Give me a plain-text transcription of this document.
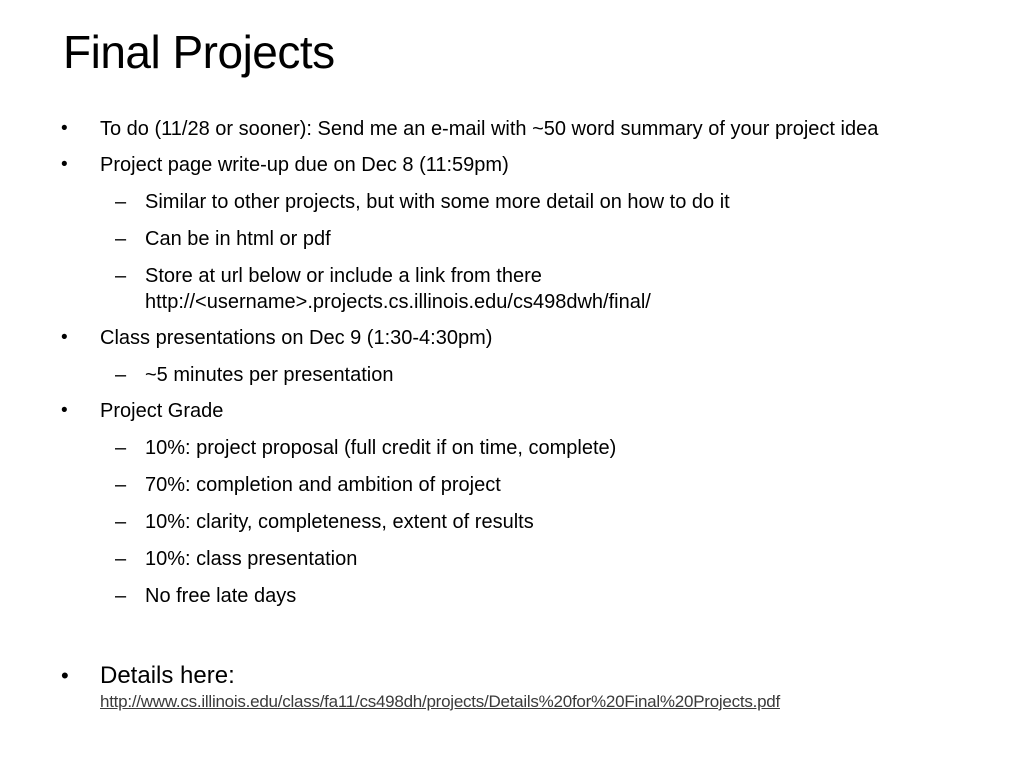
Final Projects
• To do (11/28 or sooner): Send me an e-mail with ~50 word summary of your project idea
• Project page write-up due on Dec 8 (11:59pm)
– Similar to other projects, but with some more detail on how to do it
– Can be in html or pdf
– Store at url below or include a link from there
http://<username>.projects.cs.illinois.edu/cs498dwh/final/
• Class presentations on Dec 9 (1:30-4:30pm)
– ~5 minutes per presentation
• Project Grade
– 10%: project proposal (full credit if on time, complete)
– 70%: completion and ambition of project
– 10%: clarity, completeness, extent of results
– 10%: class presentation
– No free late days
• Details here:
http://www.cs.illinois.edu/class/fa11/cs498dh/projects/Details%20for%20Final%20Projects.pdf
